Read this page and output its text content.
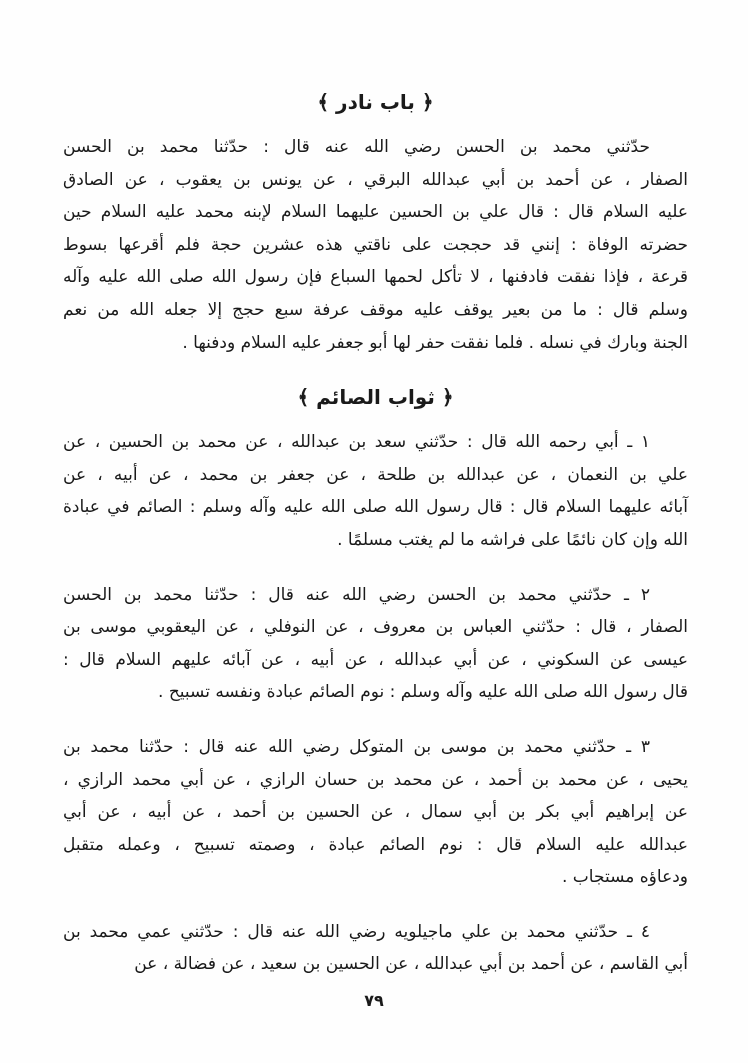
﴿ باب نادر ﴾
حدّثني محمد بن الحسن رضي الله عنه قال : حدّثنا محمد بن الحسن
الصفار ، عن أحمد بن أبي عبدالله البرقي ، عن يونس بن يعقوب ، عن الصادق
عليه السلام قال : قال علي بن الحسين عليهما السلام لإبنه محمد عليه السلام حين
حضرته الوفاة : إنني قد حججت على ناقتي هذه عشرين حجة فلم أقرعها بسوط
قرعة ، فإذا نفقت فادفنها ، لا تأكل لحمها السباع فإن رسول الله صلى الله عليه وآله
وسلم قال : ما من بعير يوقف عليه موقف عرفة سبع حجج إلا جعله الله من نعم
الجنة وبارك في نسله . فلما نفقت حفر لها أبو جعفر عليه السلام ودفنها .
﴿ ثواب الصائم ﴾
١ ـ أبي رحمه الله قال : حدّثني سعد بن عبدالله ، عن محمد بن الحسين ، عن
علي بن النعمان ، عن عبدالله بن طلحة ، عن جعفر بن محمد ، عن أبيه ، عن
آبائه عليهما السلام قال : قال رسول الله صلى الله عليه وآله وسلم : الصائم في عبادة
الله وإن كان نائمًا على فراشه ما لم يغتب مسلمًا .
٢ ـ حدّثني محمد بن الحسن رضي الله عنه قال : حدّثنا محمد بن الحسن
الصفار ، قال : حدّثني العباس بن معروف ، عن النوفلي ، عن اليعقوبي موسى بن
عيسى عن السكوني ، عن أبي عبدالله ، عن أبيه ، عن آبائه عليهم السلام قال :
قال رسول الله صلى الله عليه وآله وسلم : نوم الصائم عبادة ونفسه تسبيح .
٣ ـ حدّثني محمد بن موسى بن المتوكل رضي الله عنه قال : حدّثنا محمد بن
يحيى ، عن محمد بن أحمد ، عن محمد بن حسان الرازي ، عن أبي محمد الرازي ،
عن إبراهيم أبي بكر بن أبي سمال ، عن الحسين بن أحمد ، عن أبيه ، عن أبي
عبدالله عليه السلام قال : نوم الصائم عبادة ، وصمته تسبيح ، وعمله متقبل
ودعاؤه مستجاب .
٤ ـ حدّثني محمد بن علي ماجيلويه رضي الله عنه قال : حدّثني عمي محمد بن
أبي القاسم ، عن أحمد بن أبي عبدالله ، عن الحسين بن سعيد ، عن فضالة ، عن
٧٩
